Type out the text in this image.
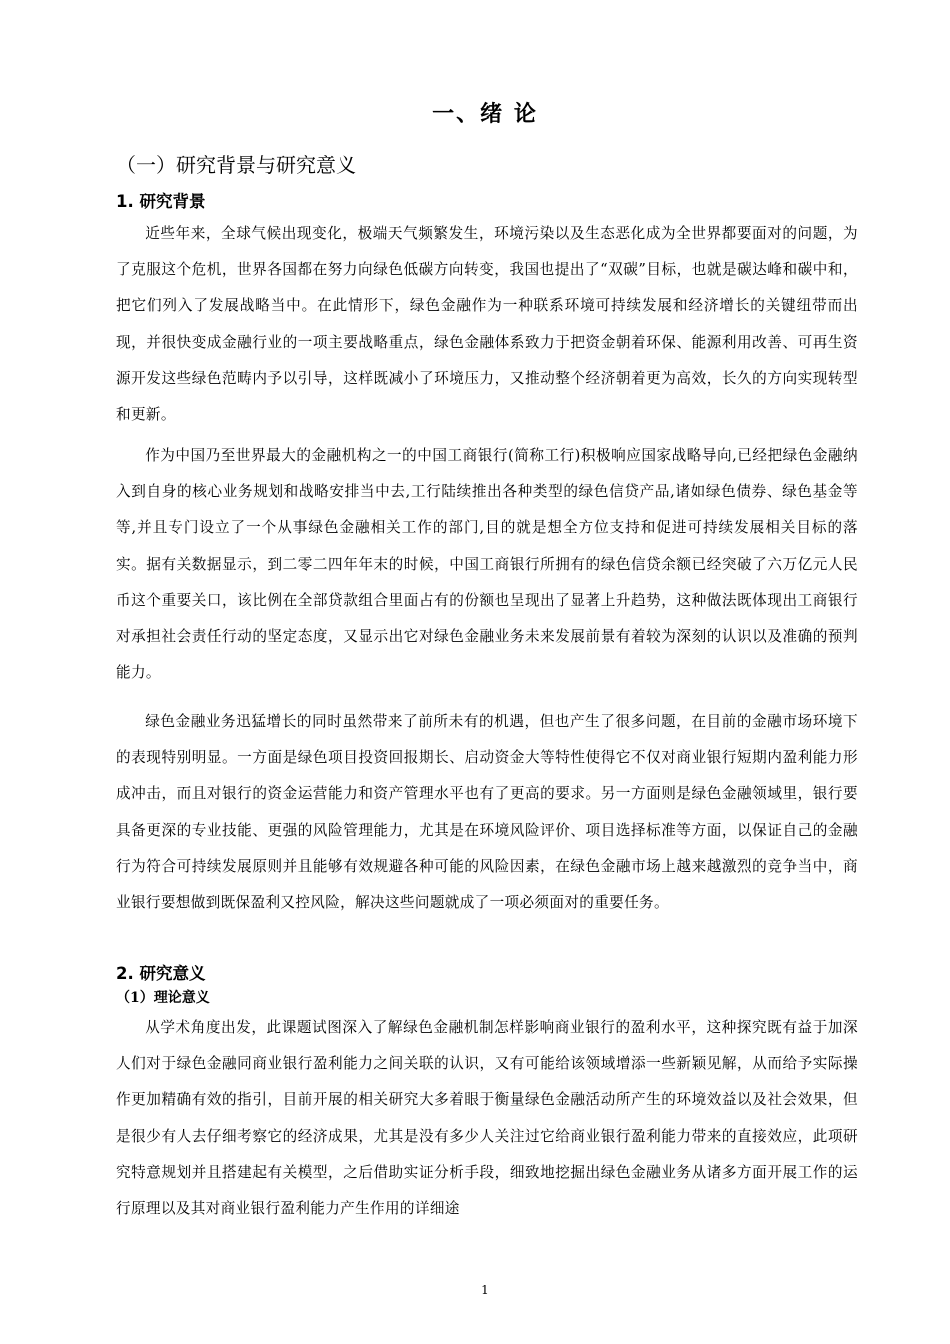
一、绪 论
（一）研究背景与研究意义
1. 研究背景

近些年来，全球气候出现变化，极端天气频繁发生，环境污染以及生态恶化成为全世界都要面对的问题，为了克服这个危机，世界各国都在努力向绿色低碳方向转变，我国也提出了“双碳”目标，也就是碳达峰和碳中和，把它们列入了发展战略当中。在此情形下，绿色金融作为一种联系环境可持续发展和经济增长的关键纽带而出现，并很快变成金融行业的一项主要战略重点，绿色金融体系致力于把资金朝着环保、能源利用改善、可再生资源开发这些绿色范畴内予以引导，这样既减小了环境压力，又推动整个经济朝着更为高效，长久的方向实现转型和更新。

作为中国乃至世界最大的金融机构之一的中国工商银行(简称工行)积极响应国家战略导向,已经把绿色金融纳入到自身的核心业务规划和战略安排当中去,工行陆续推出各种类型的绿色信贷产品,诸如绿色债券、绿色基金等等,并且专门设立了一个从事绿色金融相关工作的部门,目的就是想全方位支持和促进可持续发展相关目标的落实。据有关数据显示，到二零二四年年末的时候，中国工商银行所拥有的绿色信贷余额已经突破了六万亿元人民币这个重要关口，该比例在全部贷款组合里面占有的份额也呈现出了显著上升趋势，这种做法既体现出工商银行对承担社会责任行动的坚定态度，又显示出它对绿色金融业务未来发展前景有着较为深刻的认识以及准确的预判能力。

绿色金融业务迅猛增长的同时虽然带来了前所未有的机遇，但也产生了很多问题，在目前的金融市场环境下的表现特别明显。一方面是绿色项目投资回报期长、启动资金大等特性使得它不仅对商业银行短期内盈利能力形成冲击，而且对银行的资金运营能力和资产管理水平也有了更高的要求。另一方面则是绿色金融领域里，银行要具备更深的专业技能、更强的风险管理能力，尤其是在环境风险评价、项目选择标准等方面，以保证自己的金融行为符合可持续发展原则并且能够有效规避各种可能的风险因素，在绿色金融市场上越来越激烈的竞争当中，商业银行要想做到既保盈利又控风险，解决这些问题就成了一项必须面对的重要任务。

2. 研究意义
（1）理论意义

从学术角度出发，此课题试图深入了解绿色金融机制怎样影响商业银行的盈利水平，这种探究既有益于加深人们对于绿色金融同商业银行盈利能力之间关联的认识，又有可能给该领域增添一些新颖见解，从而给予实际操作更加精确有效的指引，目前开展的相关研究大多着眼于衡量绿色金融活动所产生的环境效益以及社会效果，但是很少有人去仔细考察它的经济成果，尤其是没有多少人关注过它给商业银行盈利能力带来的直接效应，此项研究特意规划并且搭建起有关模型，之后借助实证分析手段，细致地挖掘出绿色金融业务从诸多方面开展工作的运行原理以及其对商业银行盈利能力产生作用的详细途

1
